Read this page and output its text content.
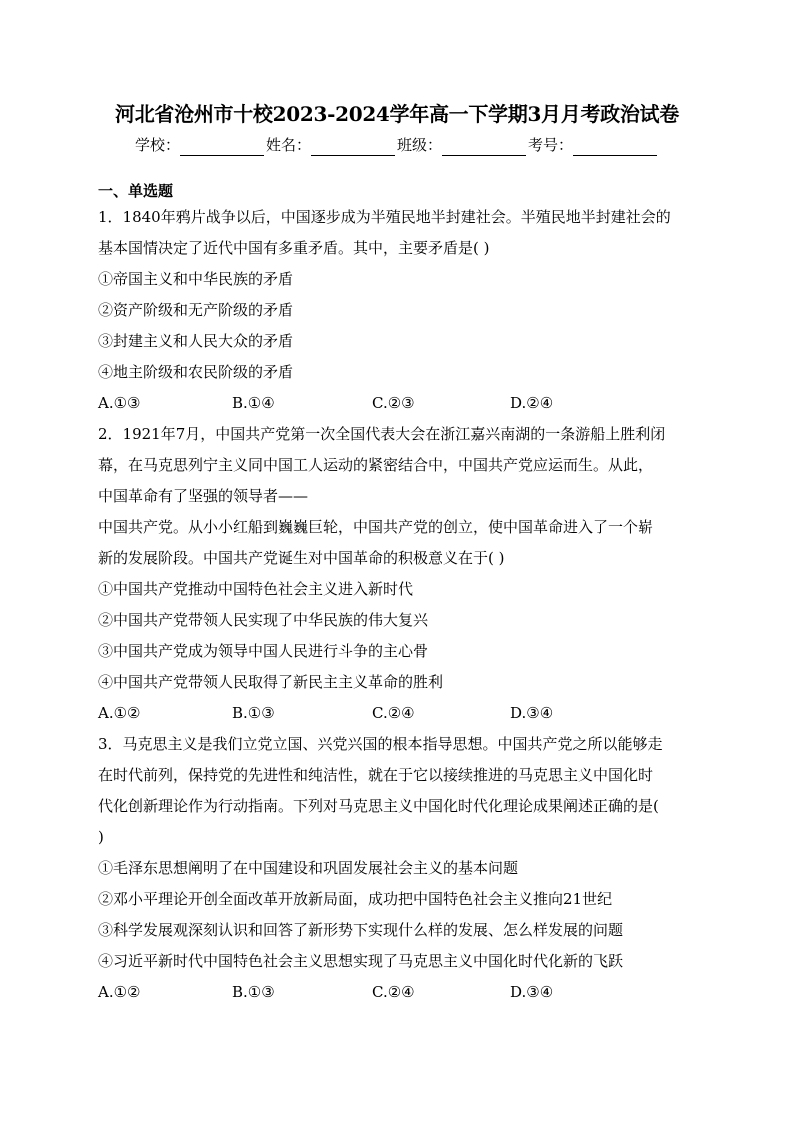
河北省沧州市十校2023-2024学年高一下学期3月月考政治试卷
学校：	姓名：	班级：	考号：
一、单选题

1．1840年鸦片战争以后，中国逐步成为半殖民地半封建社会。半殖民地半封建社会的
基本国情决定了近代中国有多重矛盾。其中，主要矛盾是( )

①帝国主义和中华民族的矛盾
②资产阶级和无产阶级的矛盾
③封建主义和人民大众的矛盾
④地主阶级和农民阶级的矛盾
A.①③	B.①④	C.②③	D.②④

2．1921年7月，中国共产党第一次全国代表大会在浙江嘉兴南湖的一条游船上胜利闭
幕，在马克思列宁主义同中国工人运动的紧密结合中，中国共产党应运而生。从此，
中国革命有了坚强的领导者——
中国共产党。从小小红船到巍巍巨轮，中国共产党的创立，使中国革命进入了一个崭
新的发展阶段。中国共产党诞生对中国革命的积极意义在于( )

①中国共产党推动中国特色社会主义进入新时代
②中国共产党带领人民实现了中华民族的伟大复兴
③中国共产党成为领导中国人民进行斗争的主心骨
④中国共产党带领人民取得了新民主主义革命的胜利
A.①②	B.①③	C.②④	D.③④

3．马克思主义是我们立党立国、兴党兴国的根本指导思想。中国共产党之所以能够走
在时代前列，保持党的先进性和纯洁性，就在于它以接续推进的马克思主义中国化时
代化创新理论作为行动指南。下列对马克思主义中国化时代化理论成果阐述正确的是(
)

①毛泽东思想阐明了在中国建设和巩固发展社会主义的基本问题
②邓小平理论开创全面改革开放新局面，成功把中国特色社会主义推向21世纪
③科学发展观深刻认识和回答了新形势下实现什么样的发展、怎么样发展的问题
④习近平新时代中国特色社会主义思想实现了马克思主义中国化时代化新的飞跃
A.①②	B.①③	C.②④	D.③④
